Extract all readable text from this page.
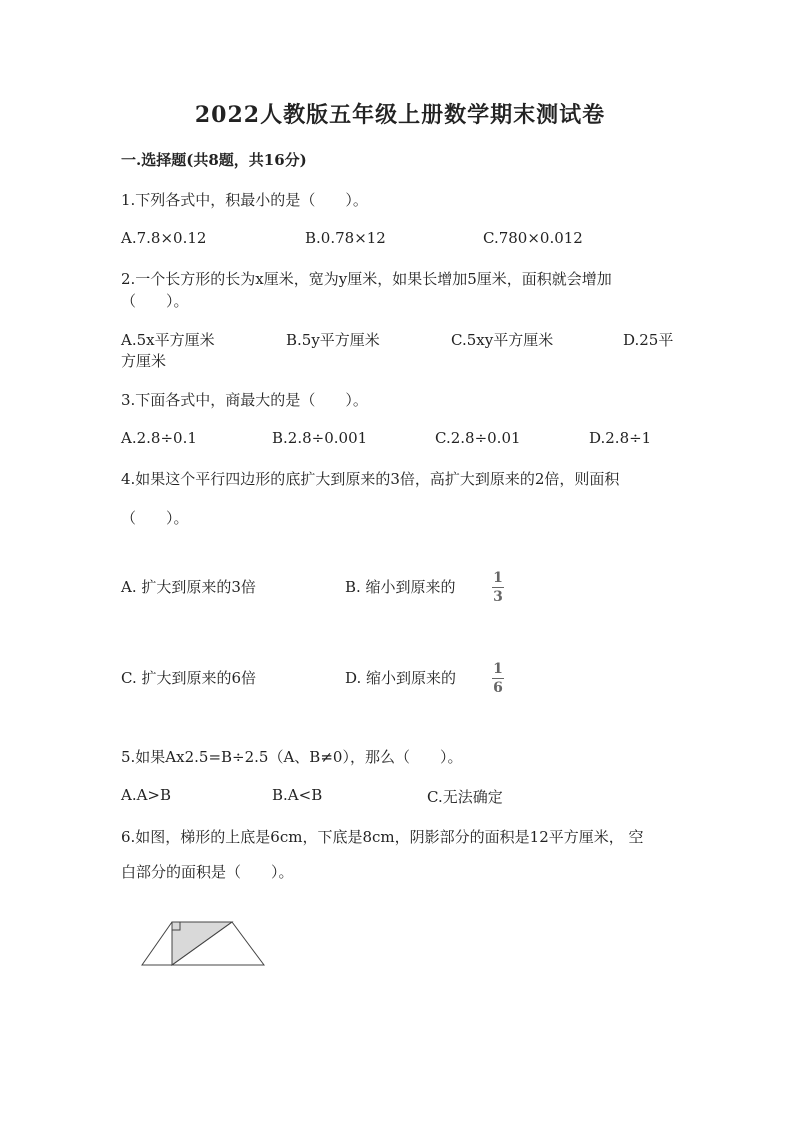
2022人教版五年级上册数学期末测试卷
一.选择题(共8题，共16分)
1.下列各式中，积最小的是（　　）。
A.7.8×0.12	B.0.78×12	C.780×0.012
2.一个长方形的长为x厘米，宽为y厘米，如果长增加5厘米，面积就会增加
（　　）。
A.5x平方厘米	B.5y平方厘米	C.5xy平方厘米	D.25平
方厘米
3.下面各式中，商最大的是（　　）。
A.2.8÷0.1	B.2.8÷0.001	C.2.8÷0.01	D.2.8÷1
4.如果这个平行四边形的底扩大到原来的3倍，高扩大到原来的2倍，则面积
（　　）。
A. 扩大到原来的3倍	B. 缩小到原来的	1
3
C. 扩大到原来的6倍	D. 缩小到原来的	1
6
5.如果Ax2.5=B÷2.5（A、B≠0），那么（　　）。
A.A>B	B.A<B	C.无法确定
6.如图，梯形的上底是6cm，下底是8cm，阴影部分的面积是12平方厘米， 空
白部分的面积是（　　）。
